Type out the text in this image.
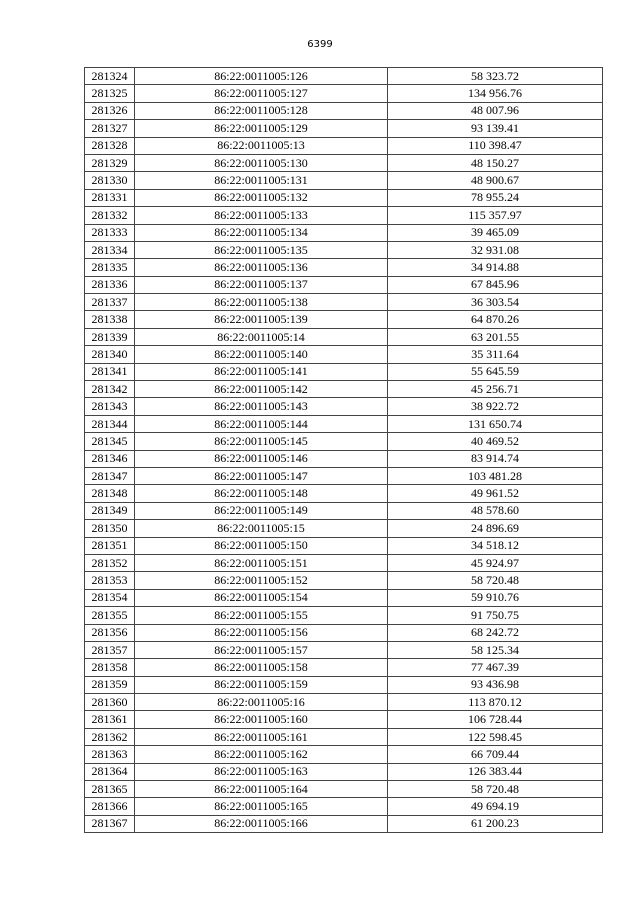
6399
281324	86:22:0011005:126	58 323.72
281325	86:22:0011005:127	134 956.76
281326	86:22:0011005:128	48 007.96
281327	86:22:0011005:129	93 139.41
281328	86:22:0011005:13	110 398.47
281329	86:22:0011005:130	48 150.27
281330	86:22:0011005:131	48 900.67
281331	86:22:0011005:132	78 955.24
281332	86:22:0011005:133	115 357.97
281333	86:22:0011005:134	39 465.09
281334	86:22:0011005:135	32 931.08
281335	86:22:0011005:136	34 914.88
281336	86:22:0011005:137	67 845.96
281337	86:22:0011005:138	36 303.54
281338	86:22:0011005:139	64 870.26
281339	86:22:0011005:14	63 201.55
281340	86:22:0011005:140	35 311.64
281341	86:22:0011005:141	55 645.59
281342	86:22:0011005:142	45 256.71
281343	86:22:0011005:143	38 922.72
281344	86:22:0011005:144	131 650.74
281345	86:22:0011005:145	40 469.52
281346	86:22:0011005:146	83 914.74
281347	86:22:0011005:147	103 481.28
281348	86:22:0011005:148	49 961.52
281349	86:22:0011005:149	48 578.60
281350	86:22:0011005:15	24 896.69
281351	86:22:0011005:150	34 518.12
281352	86:22:0011005:151	45 924.97
281353	86:22:0011005:152	58 720.48
281354	86:22:0011005:154	59 910.76
281355	86:22:0011005:155	91 750.75
281356	86:22:0011005:156	68 242.72
281357	86:22:0011005:157	58 125.34
281358	86:22:0011005:158	77 467.39
281359	86:22:0011005:159	93 436.98
281360	86:22:0011005:16	113 870.12
281361	86:22:0011005:160	106 728.44
281362	86:22:0011005:161	122 598.45
281363	86:22:0011005:162	66 709.44
281364	86:22:0011005:163	126 383.44
281365	86:22:0011005:164	58 720.48
281366	86:22:0011005:165	49 694.19
281367	86:22:0011005:166	61 200.23
